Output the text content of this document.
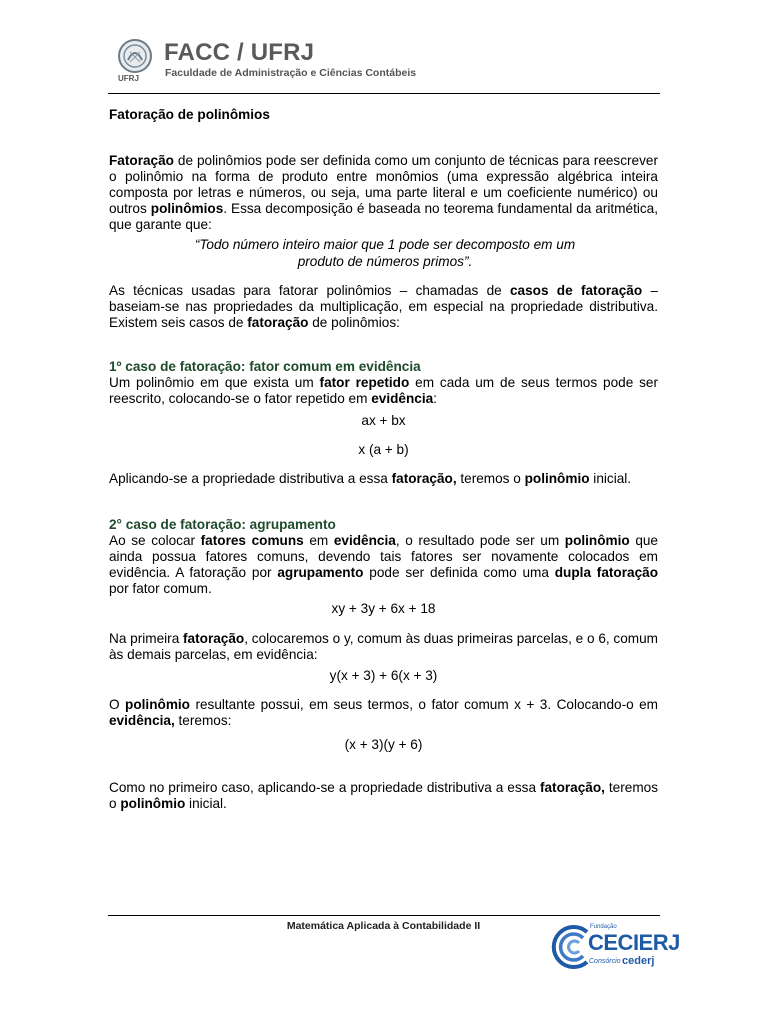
UFRJ
FACC / UFRJ
Faculdade de Administração e Ciências Contábeis
Fatoração de polinômios
Fatoração de polinômios pode ser definida como um conjunto de técnicas para reescrever o polinômio na forma de produto entre monômios (uma expressão algébrica inteira composta por letras e números, ou seja, uma parte literal e um coeficiente numérico) ou outros polinômios. Essa decomposição é baseada no teorema fundamental da aritmética, que garante que:
“Todo número inteiro maior que 1 pode ser decomposto em um
produto de números primos”.
As técnicas usadas para fatorar polinômios – chamadas de casos de fatoração – baseiam-se nas propriedades da multiplicação, em especial na propriedade distributiva. Existem seis casos de fatoração de polinômios:
1º caso de fatoração: fator comum em evidência
Um polinômio em que exista um fator repetido em cada um de seus termos pode ser reescrito, colocando-se o fator repetido em evidência:
ax + bx
x (a + b)
Aplicando-se a propriedade distributiva a essa fatoração, teremos o polinômio inicial.
2° caso de fatoração: agrupamento
Ao se colocar fatores comuns em evidência, o resultado pode ser um polinômio que ainda possua fatores comuns, devendo tais fatores ser novamente colocados em evidência. A fatoração por agrupamento pode ser definida como uma dupla fatoração por fator comum.
xy + 3y + 6x + 18
Na primeira fatoração, colocaremos o y, comum às duas primeiras parcelas, e o 6, comum às demais parcelas, em evidência:
y(x + 3) + 6(x + 3)
O polinômio resultante possui, em seus termos, o fator comum x + 3. Colocando-o em evidência, teremos:
(x + 3)(y + 6)
Como no primeiro caso, aplicando-se a propriedade distributiva a essa fatoração, teremos o polinômio inicial.
Matemática Aplicada à Contabilidade II	Fundação
CECIERJ
Consórcio cederj
